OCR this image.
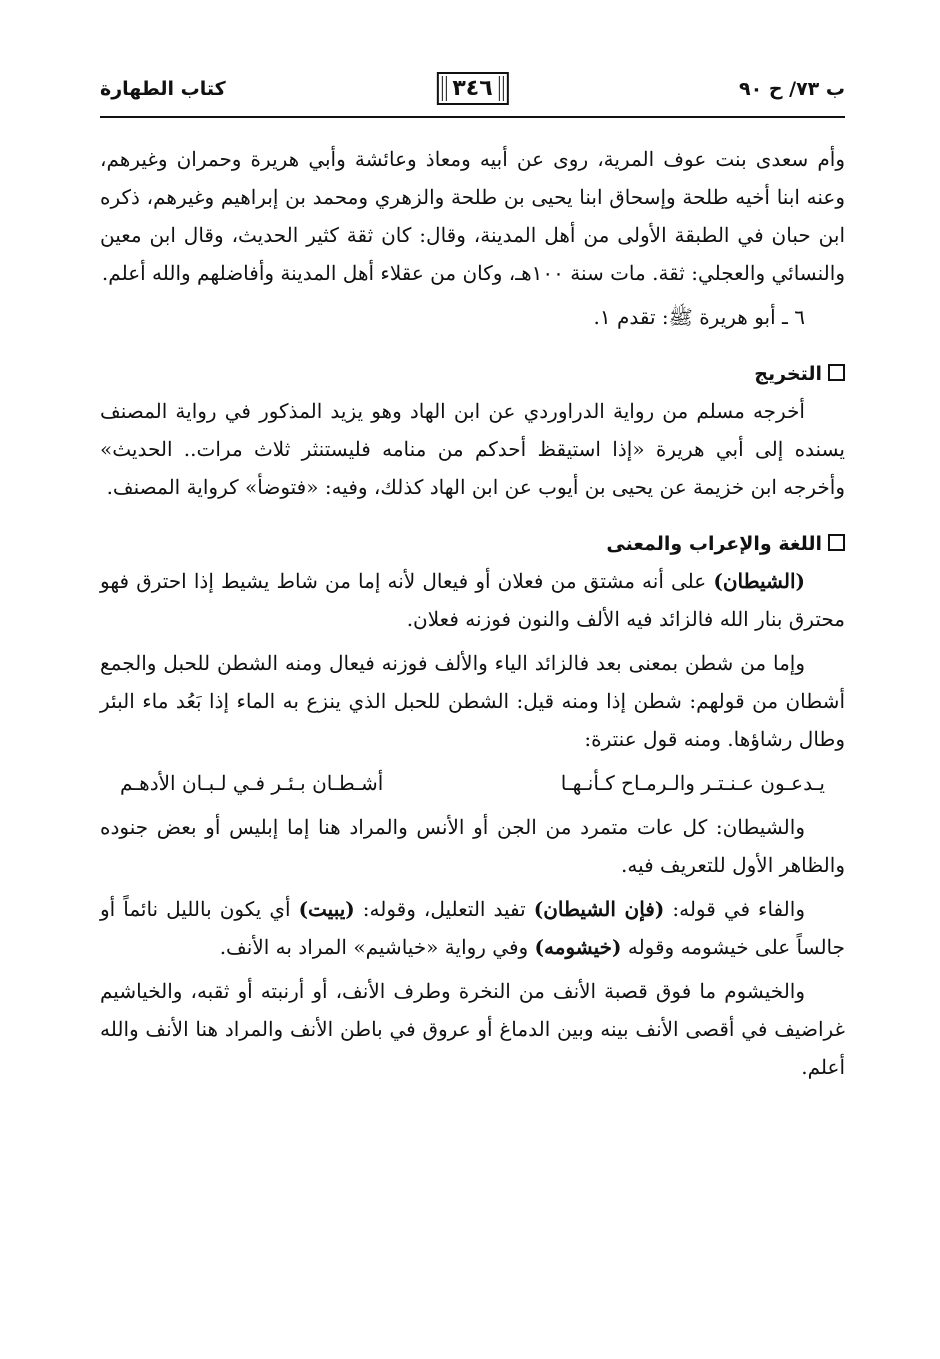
ب ٧٣/ ح ٩٠
٣٤٦
كتاب الطهارة

وأم سعدى بنت عوف المرية، روى عن أبيه ومعاذ وعائشة وأبي هريرة وحمران وغيرهم، وعنه ابنا أخيه طلحة وإسحاق ابنا يحيى بن طلحة والزهري ومحمد بن إبراهيم وغيرهم، ذكره ابن حبان في الطبقة الأولى من أهل المدينة، وقال: كان ثقة كثير الحديث، وقال ابن معين والنسائي والعجلي: ثقة. مات سنة ١٠٠هـ، وكان من عقلاء أهل المدينة وأفاضلهم والله أعلم.

٦ ـ أبو هريرة ﷺ: تقدم ١.

التخريج

أخرجه مسلم من رواية الدراوردي عن ابن الهاد وهو يزيد المذكور في رواية المصنف يسنده إلى أبي هريرة «إذا استيقظ أحدكم من منامه فليستنثر ثلاث مرات.. الحديث» وأخرجه ابن خزيمة عن يحيى بن أيوب عن ابن الهاد كذلك، وفيه: «فتوضأ» كرواية المصنف.

اللغة والإعراب والمعنى

(الشيطان) على أنه مشتق من فعلان أو فيعال لأنه إما من شاط يشيط إذا احترق فهو محترق بنار الله فالزائد فيه الألف والنون فوزنه فعلان.

وإما من شطن بمعنى بعد فالزائد الياء والألف فوزنه فيعال ومنه الشطن للحبل والجمع أشطان من قولهم: شطن إذا ومنه قيل: الشطن للحبل الذي ينزع به الماء إذا بَعُد ماء البئر وطال رشاؤها. ومنه قول عنترة:

يـدعـون عـنـتـر والـرمـاح كـأنـهـا
أشـطـان بـئـر فـي لـبـان الأدهـم

والشيطان: كل عات متمرد من الجن أو الأنس والمراد هنا إما إبليس أو بعض جنوده والظاهر الأول للتعريف فيه.

والفاء في قوله: (فإن الشيطان) تفيد التعليل، وقوله: (يبيت) أي يكون بالليل نائماً أو جالساً على خيشومه وقوله (خيشومه) وفي رواية «خياشيم» المراد به الأنف.

والخيشوم ما فوق قصبة الأنف من النخرة وطرف الأنف، أو أرنبته أو ثقبه، والخياشيم غراضيف في أقصى الأنف بينه وبين الدماغ أو عروق في باطن الأنف والمراد هنا الأنف والله أعلم.
